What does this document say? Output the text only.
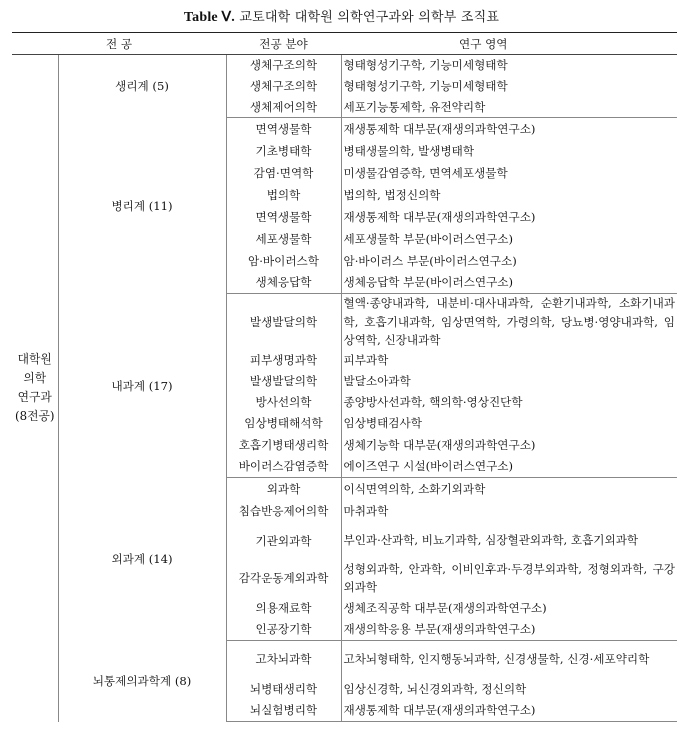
Table Ⅴ. 교토대학 대학원 의학연구과와 의학부 조직표
전 공		전공 분야	연구 영역

대학원
의학
연구과
(8전공)	생리계 (5)	생체구조의학	형태형성기구학, 기능미세형태학
		생체구조의학	형태형성기구학, 기능미세형태학
		생체제어의학	세포기능통제학, 유전약리학
	병리계 (11)	면역생물학	재생통제학 대부문(재생의과학연구소)
		기초병태학	병태생물의학, 발생병태학
		감염·면역학	미생물감염증학, 면역세포생물학
		법의학	법의학, 법정신의학
		면역생물학	재생통제학 대부문(재생의과학연구소)
		세포생물학	세포생물학 부문(바이러스연구소)
		암·바이러스학	암·바이러스 부문(바이러스연구소)
		생체응답학	생체응답학 부문(바이러스연구소)
	내과계 (17)	발생발달의학	혈액·종양내과학, 내분비·대사내과학, 순환기내과학, 소화기내과학, 호흡기내과학, 임상면역학, 가령의학, 당뇨병·영양내과학, 임상역학, 신장내과학
		피부생명과학	피부과학
		발생발달의학	발달소아과학
		방사선의학	종양방사선과학, 핵의학·영상진단학
		임상병태해석학	임상병태검사학
		호흡기병태생리학	생체기능학 대부문(재생의과학연구소)
		바이러스감염증학	에이즈연구 시설(바이러스연구소)
	외과계 (14)	외과학	이식면역의학, 소화기외과학
		침습반응제어의학	마취과학
		기관외과학	부인과·산과학, 비뇨기과학, 심장혈관외과학, 호흡기외과학
		감각운동계외과학	성형외과학, 안과학, 이비인후과·두경부외과학, 정형외과학, 구강외과학
		의용재료학	생체조직공학 대부문(재생의과학연구소)
		인공장기학	재생의학응용 부문(재생의과학연구소)
	뇌통제의과학계 (8)	고차뇌과학	고차뇌형태학, 인지행동뇌과학, 신경생물학, 신경·세포약리학
		뇌병태생리학	임상신경학, 뇌신경외과학, 정신의학
		뇌실험병리학	재생통제학 대부문(재생의과학연구소)
